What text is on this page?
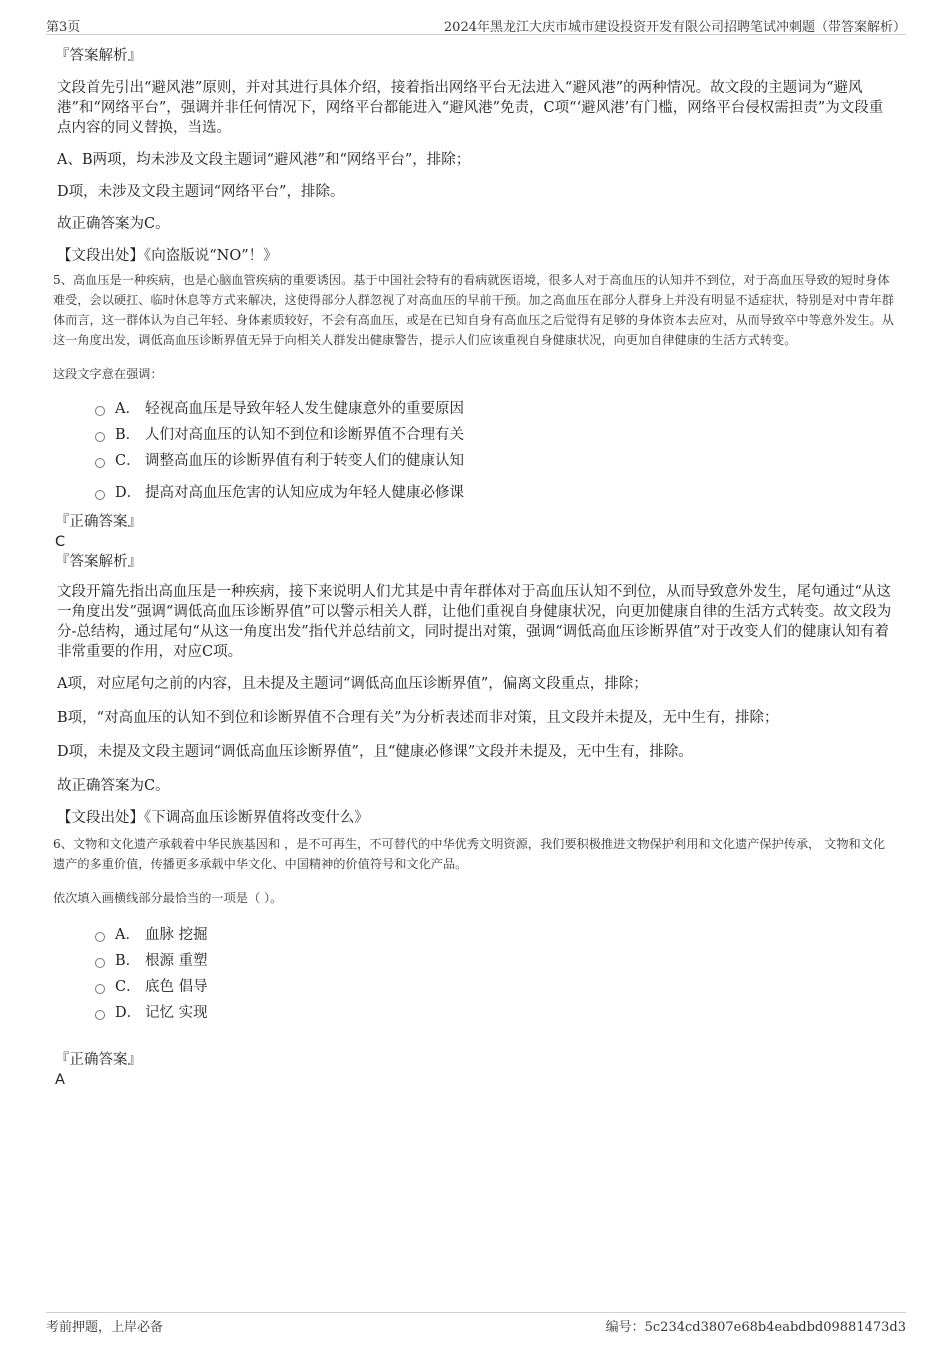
第3页	2024年黑龙江大庆市城市建设投资开发有限公司招聘笔试冲刺题（带答案解析）
『答案解析』
文段首先引出“避风港”原则，并对其进行具体介绍，接着指出网络平台无法进入“避风港”的两种情况。故文段的主题词为“避风港”和“网络平台”，强调并非任何情况下，网络平台都能进入“避风港”免责，C项“‘避风港’有门槛，网络平台侵权需担责”为文段重点内容的同义替换，当选。
A、B两项，均未涉及文段主题词“避风港”和“网络平台”，排除；
D项，未涉及文段主题词“网络平台”，排除。
故正确答案为C。
【文段出处】《向盗版说“NO”！》
5、高血压是一种疾病，也是心脑血管疾病的重要诱因。基于中国社会特有的看病就医语境，很多人对于高血压的认知并不到位，对于高血压导致的短时身体难受，会以硬扛、临时休息等方式来解决，这使得部分人群忽视了对高血压的早前干预。加之高血压在部分人群身上并没有明显不适症状，特别是对中青年群体而言，这一群体认为自己年轻、身体素质较好，不会有高血压，或是在已知自身有高血压之后觉得有足够的身体资本去应对，从而导致卒中等意外发生。从这一角度出发，调低高血压诊断界值无异于向相关人群发出健康警告，提示人们应该重视自身健康状况，向更加自律健康的生活方式转变。
这段文字意在强调：
A． 轻视高血压是导致年轻人发生健康意外的重要原因
B． 人们对高血压的认知不到位和诊断界值不合理有关
C． 调整高血压的诊断界值有利于转变人们的健康认知
D． 提高对高血压危害的认知应成为年轻人健康必修课
『正确答案』
C
『答案解析』
文段开篇先指出高血压是一种疾病，接下来说明人们尤其是中青年群体对于高血压认知不到位，从而导致意外发生，尾句通过“从这一角度出发”强调“调低高血压诊断界值”可以警示相关人群，让他们重视自身健康状况，向更加健康自律的生活方式转变。故文段为分-总结构，通过尾句“从这一角度出发”指代并总结前文，同时提出对策，强调“调低高血压诊断界值”对于改变人们的健康认知有着非常重要的作用，对应C项。
A项，对应尾句之前的内容，且未提及主题词“调低高血压诊断界值”，偏离文段重点，排除；
B项，“对高血压的认知不到位和诊断界值不合理有关”为分析表述而非对策，且文段并未提及，无中生有，排除；
D项，未提及文段主题词“调低高血压诊断界值”，且“健康必修课”文段并未提及，无中生有，排除。
故正确答案为C。
【文段出处】《下调高血压诊断界值将改变什么》
6、文物和文化遗产承载着中华民族基因和 ，是不可再生，不可替代的中华优秀文明资源，我们要积极推进文物保护利用和文化遗产保护传承， 文物和文化遗产的多重价值，传播更多承载中华文化、中国精神的价值符号和文化产品。
依次填入画横线部分最恰当的一项是（ ）。
A． 血脉 挖掘
B． 根源 重塑
C． 底色 倡导
D． 记忆 实现
『正确答案』
A
考前押题，上岸必备	编号：5c234cd3807e68b4eabdbd09881473d3
